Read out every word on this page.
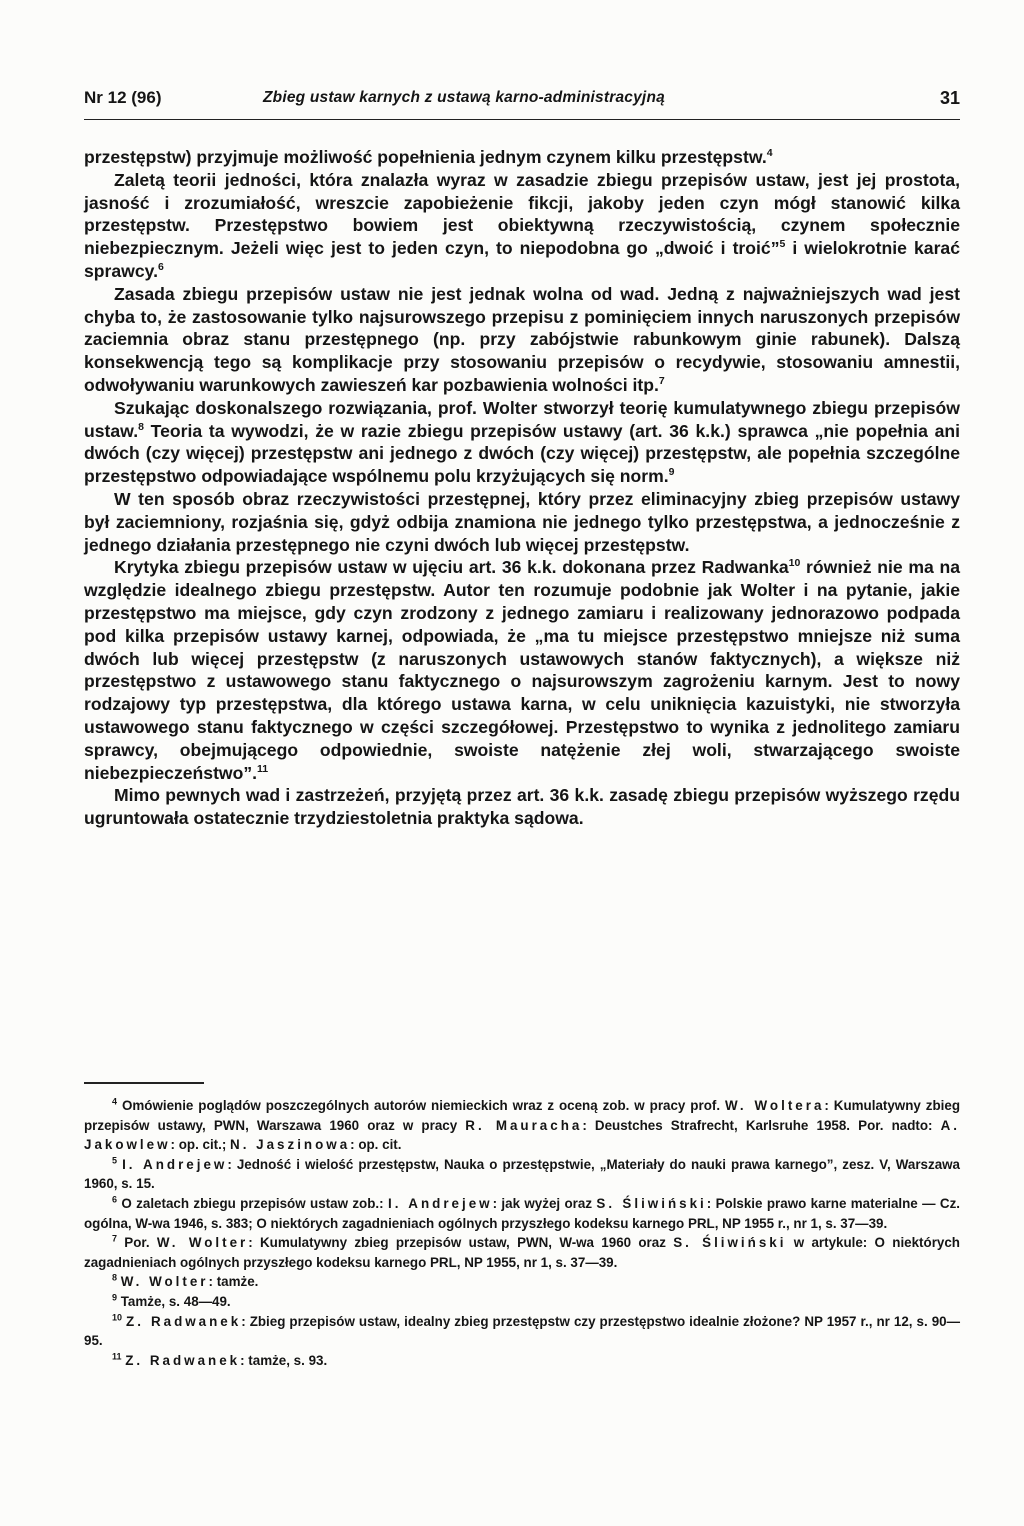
Nr 12 (96)	Zbieg ustaw karnych z ustawą karno-administracyjną	31

przestępstw) przyjmuje możliwość popełnienia jednym czynem kilku przestępstw.$^4$

Zaletą teorii jedności, która znalazła wyraz w zasadzie zbiegu przepisów ustaw, jest jej prostota, jasność i zrozumiałość, wreszcie zapobieżenie fikcji, jakoby jeden czyn mógł stanowić kilka przestępstw. Przestępstwo bowiem jest obiektywną rzeczywistością, czynem społecznie niebezpiecznym. Jeżeli więc jest to jeden czyn, to niepodobna go „dwoić i troić”$^5$ i wielokrotnie karać sprawcy.$^6$

Zasada zbiegu przepisów ustaw nie jest jednak wolna od wad. Jedną z najważniejszych wad jest chyba to, że zastosowanie tylko najsurowszego przepisu z pominięciem innych naruszonych przepisów zaciemnia obraz stanu przestępnego (np. przy zabójstwie rabunkowym ginie rabunek). Dalszą konsekwencją tego są komplikacje przy stosowaniu przepisów o recydywie, stosowaniu amnestii, odwoływaniu warunkowych zawieszeń kar pozbawienia wolności itp.$^7$

Szukając doskonalszego rozwiązania, prof. Wolter stworzył teorię kumulatywnego zbiegu przepisów ustaw.$^8$ Teoria ta wywodzi, że w razie zbiegu przepisów ustawy (art. 36 k.k.) sprawca „nie popełnia ani dwóch (czy więcej) przestępstw ani jednego z dwóch (czy więcej) przestępstw, ale popełnia szczególne przestępstwo odpowiadające wspólnemu polu krzyżujących się norm.$^9$

W ten sposób obraz rzeczywistości przestępnej, który przez eliminacyjny zbieg przepisów ustawy był zaciemniony, rozjaśnia się, gdyż odbija znamiona nie jednego tylko przestępstwa, a jednocześnie z jednego działania przestępnego nie czyni dwóch lub więcej przestępstw.

Krytyka zbiegu przepisów ustaw w ujęciu art. 36 k.k. dokonana przez Radwanka$^{10}$ również nie ma na względzie idealnego zbiegu przestępstw. Autor ten rozumuje podobnie jak Wolter i na pytanie, jakie przestępstwo ma miejsce, gdy czyn zrodzony z jednego zamiaru i realizowany jednorazowo podpada pod kilka przepisów ustawy karnej, odpowiada, że „ma tu miejsce przestępstwo mniejsze niż suma dwóch lub więcej przestępstw (z naruszonych ustawowych stanów faktycznych), a większe niż przestępstwo z ustawowego stanu faktycznego o najsurowszym zagrożeniu karnym. Jest to nowy rodzajowy typ przestępstwa, dla którego ustawa karna, w celu uniknięcia kazuistyki, nie stworzyła ustawowego stanu faktycznego w części szczegółowej. Przestępstwo to wynika z jednolitego zamiaru sprawcy, obejmującego odpowiednie, swoiste natężenie złej woli, stwarzającego swoiste niebezpieczeństwo”.$^{11}$

Mimo pewnych wad i zastrzeżeń, przyjętą przez art. 36 k.k. zasadę zbiegu przepisów wyższego rzędu ugruntowała ostatecznie trzydziestoletnia praktyka sądowa.

$^4$ Omówienie poglądów poszczególnych autorów niemieckich wraz z oceną zob. w pracy prof. W. Woltera: Kumulatywny zbieg przepisów ustawy, PWN, Warszawa 1960 oraz w pracy R. Mauracha: Deustches Strafrecht, Karlsruhe 1958. Por. nadto: A. Jakowlew: op. cit.; N. Jaszinowa: op. cit.

$^5$ I. Andrejew: Jedność i wielość przestępstw, Nauka o przestępstwie, „Materiały do nauki prawa karnego”, zesz. V, Warszawa 1960, s. 15.

$^6$ O zaletach zbiegu przepisów ustaw zob.: I. Andrejew: jak wyżej oraz S. Śliwiński: Polskie prawo karne materialne — Cz. ogólna, W-wa 1946, s. 383; O niektórych zagadnieniach ogólnych przyszłego kodeksu karnego PRL, NP 1955 r., nr 1, s. 37—39.

$^7$ Por. W. Wolter: Kumulatywny zbieg przepisów ustaw, PWN, W-wa 1960 oraz S. Śliwiński w artykule: O niektórych zagadnieniach ogólnych przyszłego kodeksu karnego PRL, NP 1955, nr 1, s. 37—39.

$^8$ W. Wolter: tamże.

$^9$ Tamże, s. 48—49.

$^{10}$ Z. Radwanek: Zbieg przepisów ustaw, idealny zbieg przestępstw czy przestępstwo idealnie złożone? NP 1957 r., nr 12, s. 90—95.

$^{11}$ Z. Radwanek: tamże, s. 93.
